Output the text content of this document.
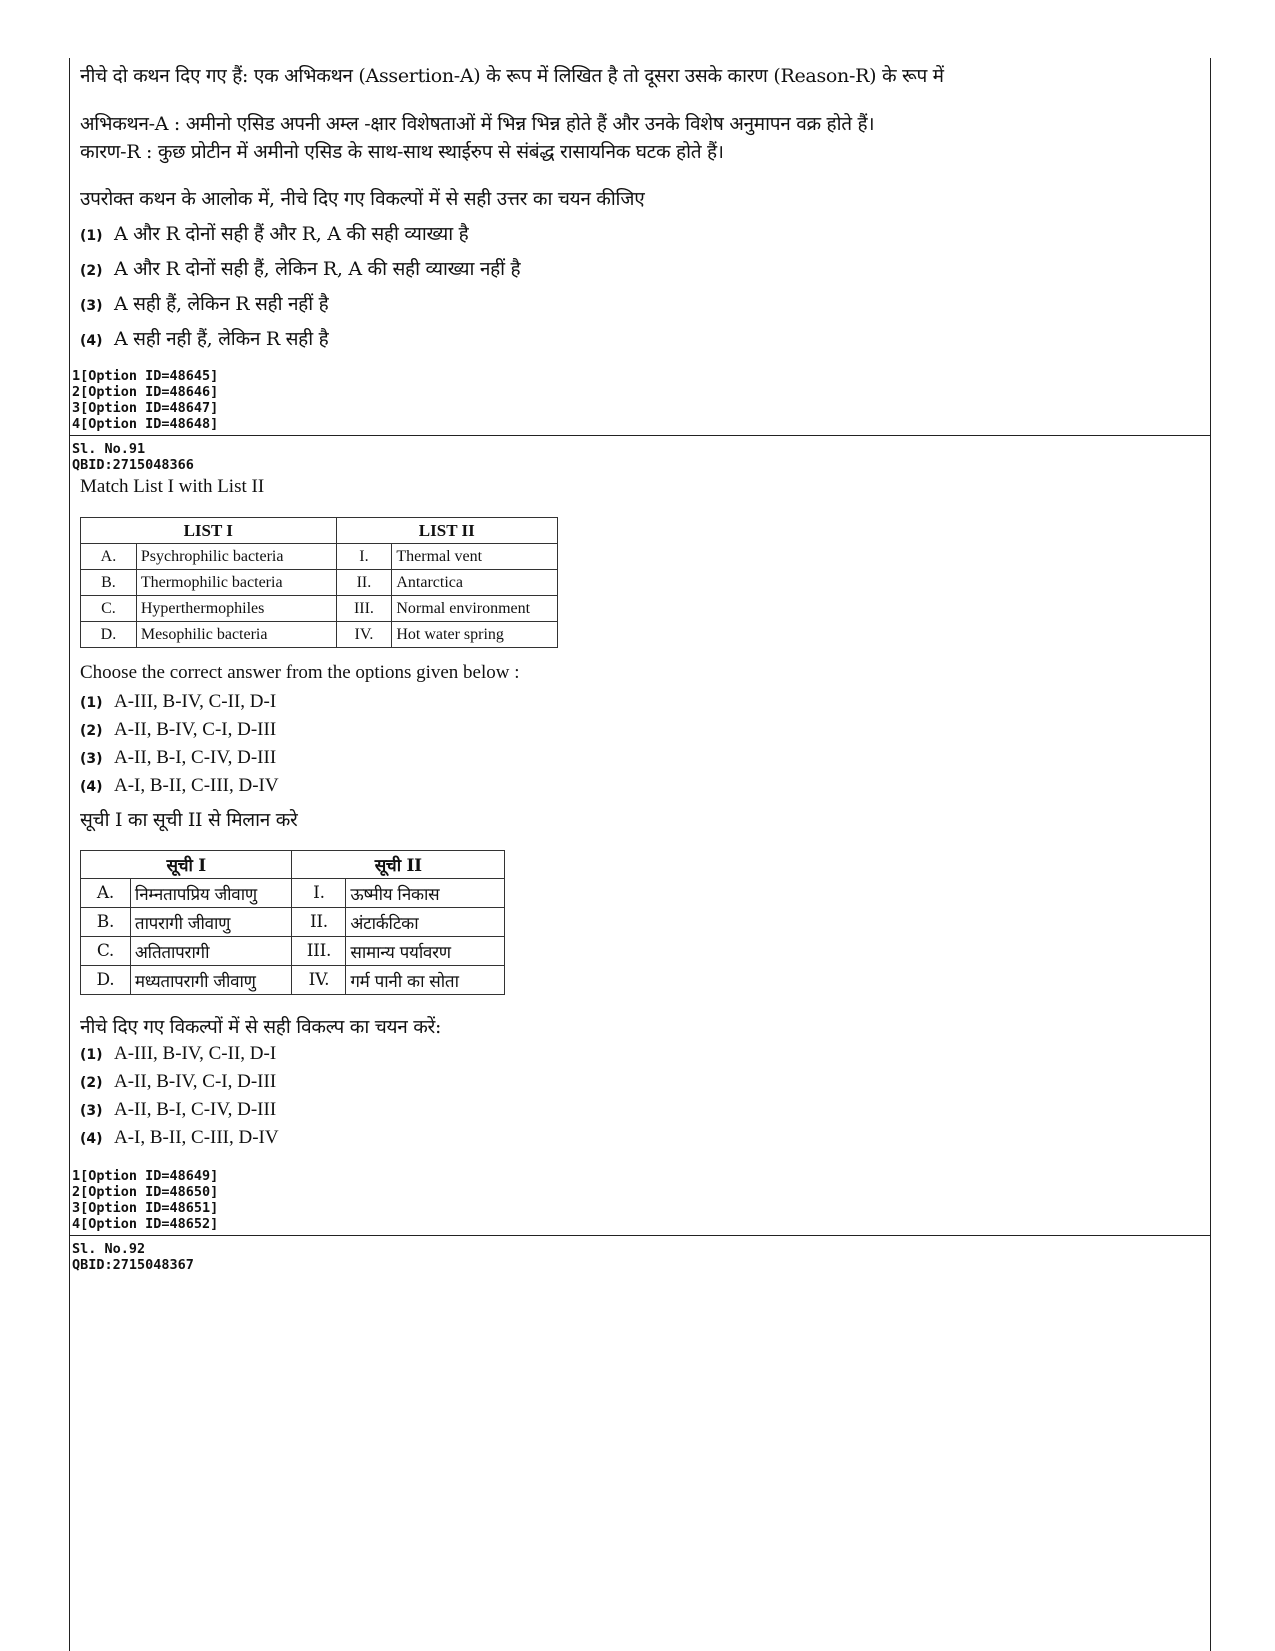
नीचे दो कथन दिए गए हैं: एक अभिकथन (Assertion-A) के रूप में लिखित है तो दूसरा उसके कारण (Reason-R) के रूप में
अभिकथन-A : अमीनो एसिड अपनी अम्ल -क्षार विशेषताओं में भिन्न भिन्न होते हैं और उनके विशेष अनुमापन वक्र होते हैं।
कारण-R : कुछ प्रोटीन में अमीनो एसिड के साथ-साथ स्थाईरुप से संबंद्ध रासायनिक घटक होते हैं।
उपरोक्त कथन के आलोक में, नीचे दिए गए विकल्पों में से सही उत्तर का चयन कीजिए
(1) A और R दोनों सही हैं और R, A की सही व्याख्या है
(2) A और R दोनों सही हैं, लेकिन R, A की सही व्याख्या नहीं है
(3) A सही हैं, लेकिन R सही नहीं है
(4) A सही नही हैं, लेकिन R सही है
1[Option ID=48645]
2[Option ID=48646]
3[Option ID=48647]
4[Option ID=48648]
Sl. No.91
QBID:2715048366
Match List I with List II
LIST I		LIST II	
A.	Psychrophilic bacteria	I.	Thermal vent
B.	Thermophilic bacteria	II.	Antarctica
C.	Hyperthermophiles	III.	Normal environment
D.	Mesophilic bacteria	IV.	Hot water spring
Choose the correct answer from the options given below :
(1) A-III, B-IV, C-II, D-I
(2) A-II, B-IV, C-I, D-III
(3) A-II, B-I, C-IV, D-III
(4) A-I, B-II, C-III, D-IV
सूची I का सूची II से मिलान करे
सूची I		सूची II	
A.	निम्नतापप्रिय जीवाणु	I.	ऊष्मीय निकास
B.	तापरागी जीवाणु	II.	अंटार्कटिका
C.	अतितापरागी	III.	सामान्य पर्यावरण
D.	मध्यतापरागी जीवाणु	IV.	गर्म पानी का सोता
नीचे दिए गए विकल्पों में से सही विकल्प का चयन करें:
(1) A-III, B-IV, C-II, D-I
(2) A-II, B-IV, C-I, D-III
(3) A-II, B-I, C-IV, D-III
(4) A-I, B-II, C-III, D-IV
1[Option ID=48649]
2[Option ID=48650]
3[Option ID=48651]
4[Option ID=48652]
Sl. No.92
QBID:2715048367
